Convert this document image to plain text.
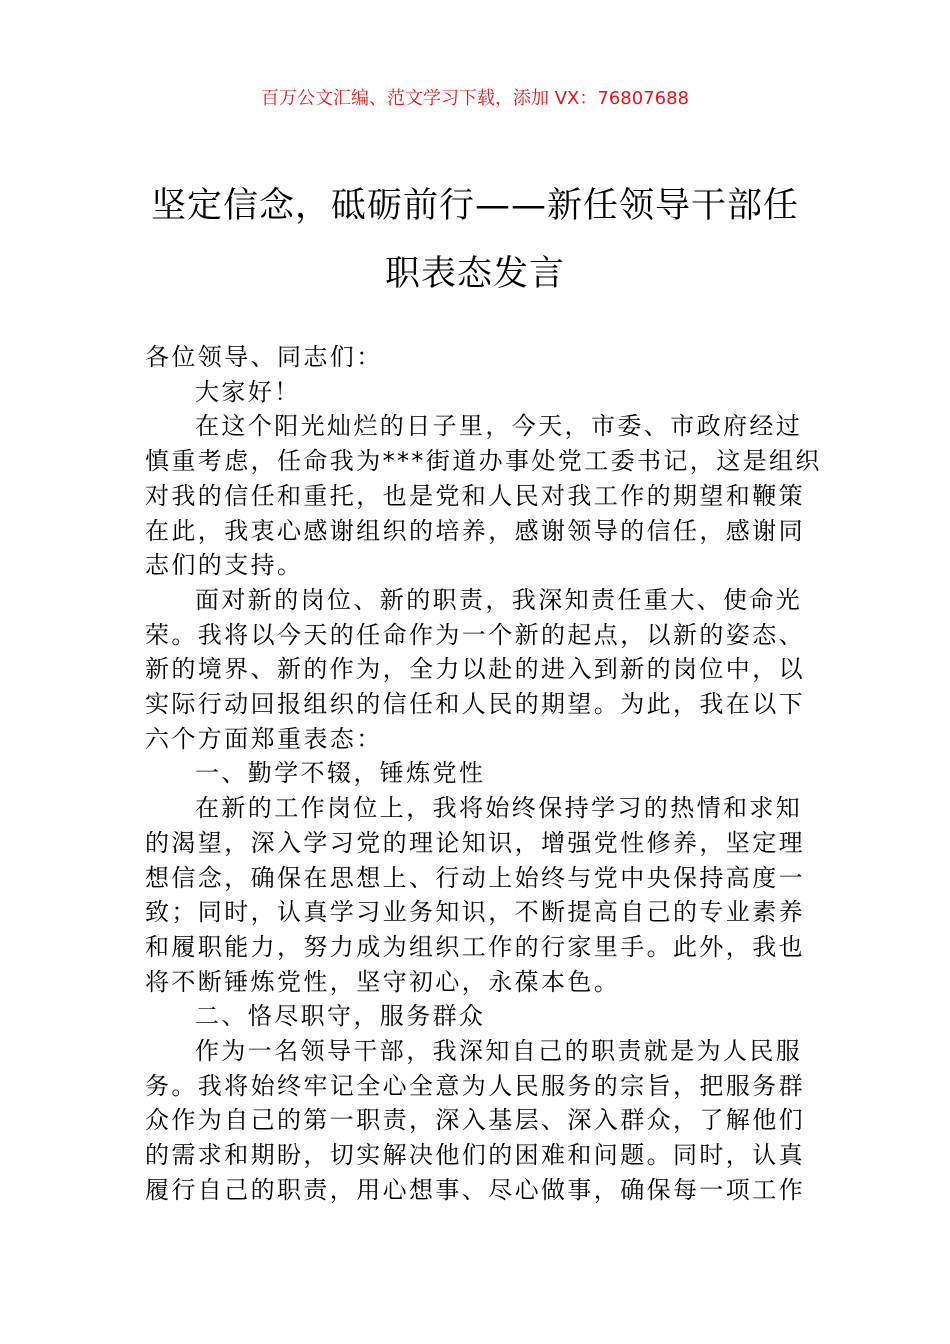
百万公文汇编、范文学习下载，添加 VX：76807688
坚定信念，砥砺前行——新任领导干部任
职表态发言
各位领导、同志们：
大家好！
在这个阳光灿烂的日子里，今天，市委、市政府经过
慎重考虑，任命我为***街道办事处党工委书记，这是组织
对我的信任和重托，也是党和人民对我工作的期望和鞭策
在此，我衷心感谢组织的培养，感谢领导的信任，感谢同
志们的支持。
面对新的岗位、新的职责，我深知责任重大、使命光
荣。我将以今天的任命作为一个新的起点，以新的姿态、
新的境界、新的作为，全力以赴的进入到新的岗位中，以
实际行动回报组织的信任和人民的期望。为此，我在以下
六个方面郑重表态：
一、勤学不辍，锤炼党性
在新的工作岗位上，我将始终保持学习的热情和求知
的渴望，深入学习党的理论知识，增强党性修养，坚定理
想信念，确保在思想上、行动上始终与党中央保持高度一
致；同时，认真学习业务知识，不断提高自己的专业素养
和履职能力，努力成为组织工作的行家里手。此外，我也
将不断锤炼党性，坚守初心，永葆本色。
二、恪尽职守，服务群众
作为一名领导干部，我深知自己的职责就是为人民服
务。我将始终牢记全心全意为人民服务的宗旨，把服务群
众作为自己的第一职责，深入基层、深入群众，了解他们
的需求和期盼，切实解决他们的困难和问题。同时，认真
履行自己的职责，用心想事、尽心做事，确保每一项工作
